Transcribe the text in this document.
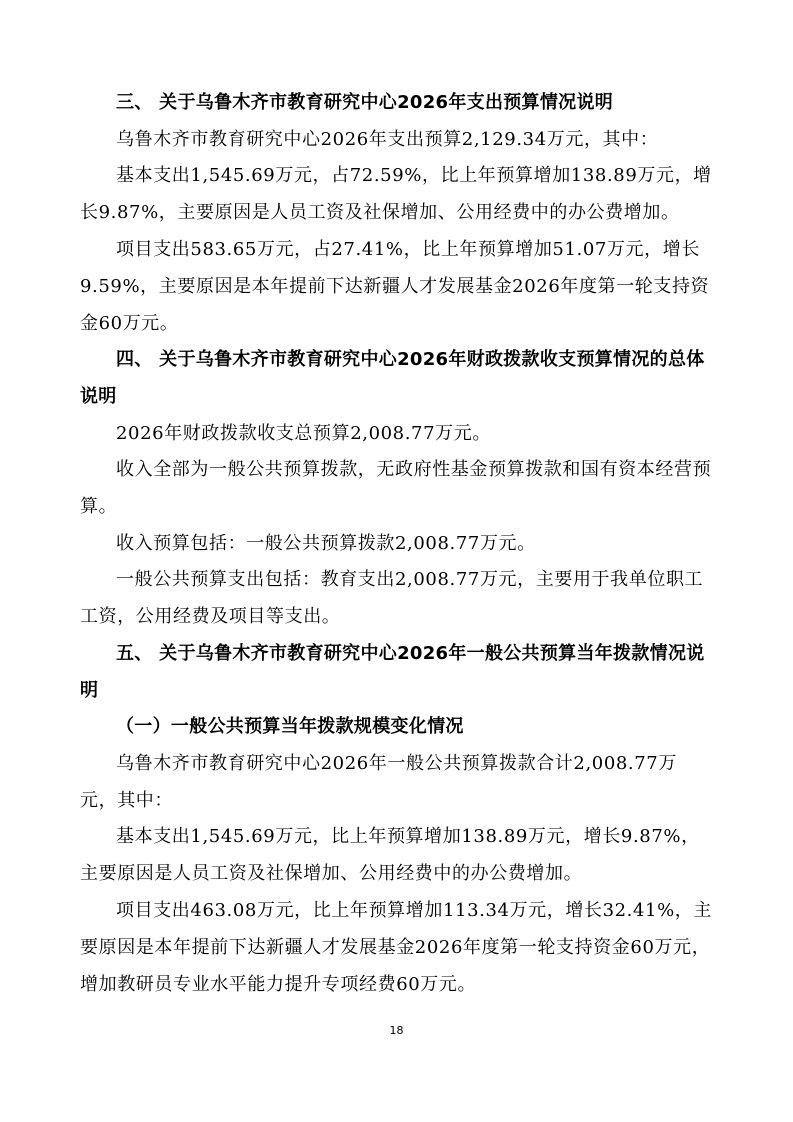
三、 关于乌鲁木齐市教育研究中心2026年支出预算情况说明
乌鲁木齐市教育研究中心2026年支出预算2,129.34万元，其中：
基本支出1,545.69万元，占72.59%，比上年预算增加138.89万元，增长9.87%，主要原因是人员工资及社保增加、公用经费中的办公费增加。
项目支出583.65万元，占27.41%，比上年预算增加51.07万元，增长9.59%，主要原因是本年提前下达新疆人才发展基金2026年度第一轮支持资金60万元。
四、 关于乌鲁木齐市教育研究中心2026年财政拨款收支预算情况的总体说明
2026年财政拨款收支总预算2,008.77万元。
收入全部为一般公共预算拨款，无政府性基金预算拨款和国有资本经营预算。
收入预算包括：一般公共预算拨款2,008.77万元。
一般公共预算支出包括：教育支出2,008.77万元，主要用于我单位职工工资，公用经费及项目等支出。
五、 关于乌鲁木齐市教育研究中心2026年一般公共预算当年拨款情况说明
（一）一般公共预算当年拨款规模变化情况
乌鲁木齐市教育研究中心2026年一般公共预算拨款合计2,008.77万元，其中：
基本支出1,545.69万元，比上年预算增加138.89万元，增长9.87%，主要原因是人员工资及社保增加、公用经费中的办公费增加。
项目支出463.08万元，比上年预算增加113.34万元，增长32.41%，主要原因是本年提前下达新疆人才发展基金2026年度第一轮支持资金60万元，增加教研员专业水平能力提升专项经费60万元。
18
